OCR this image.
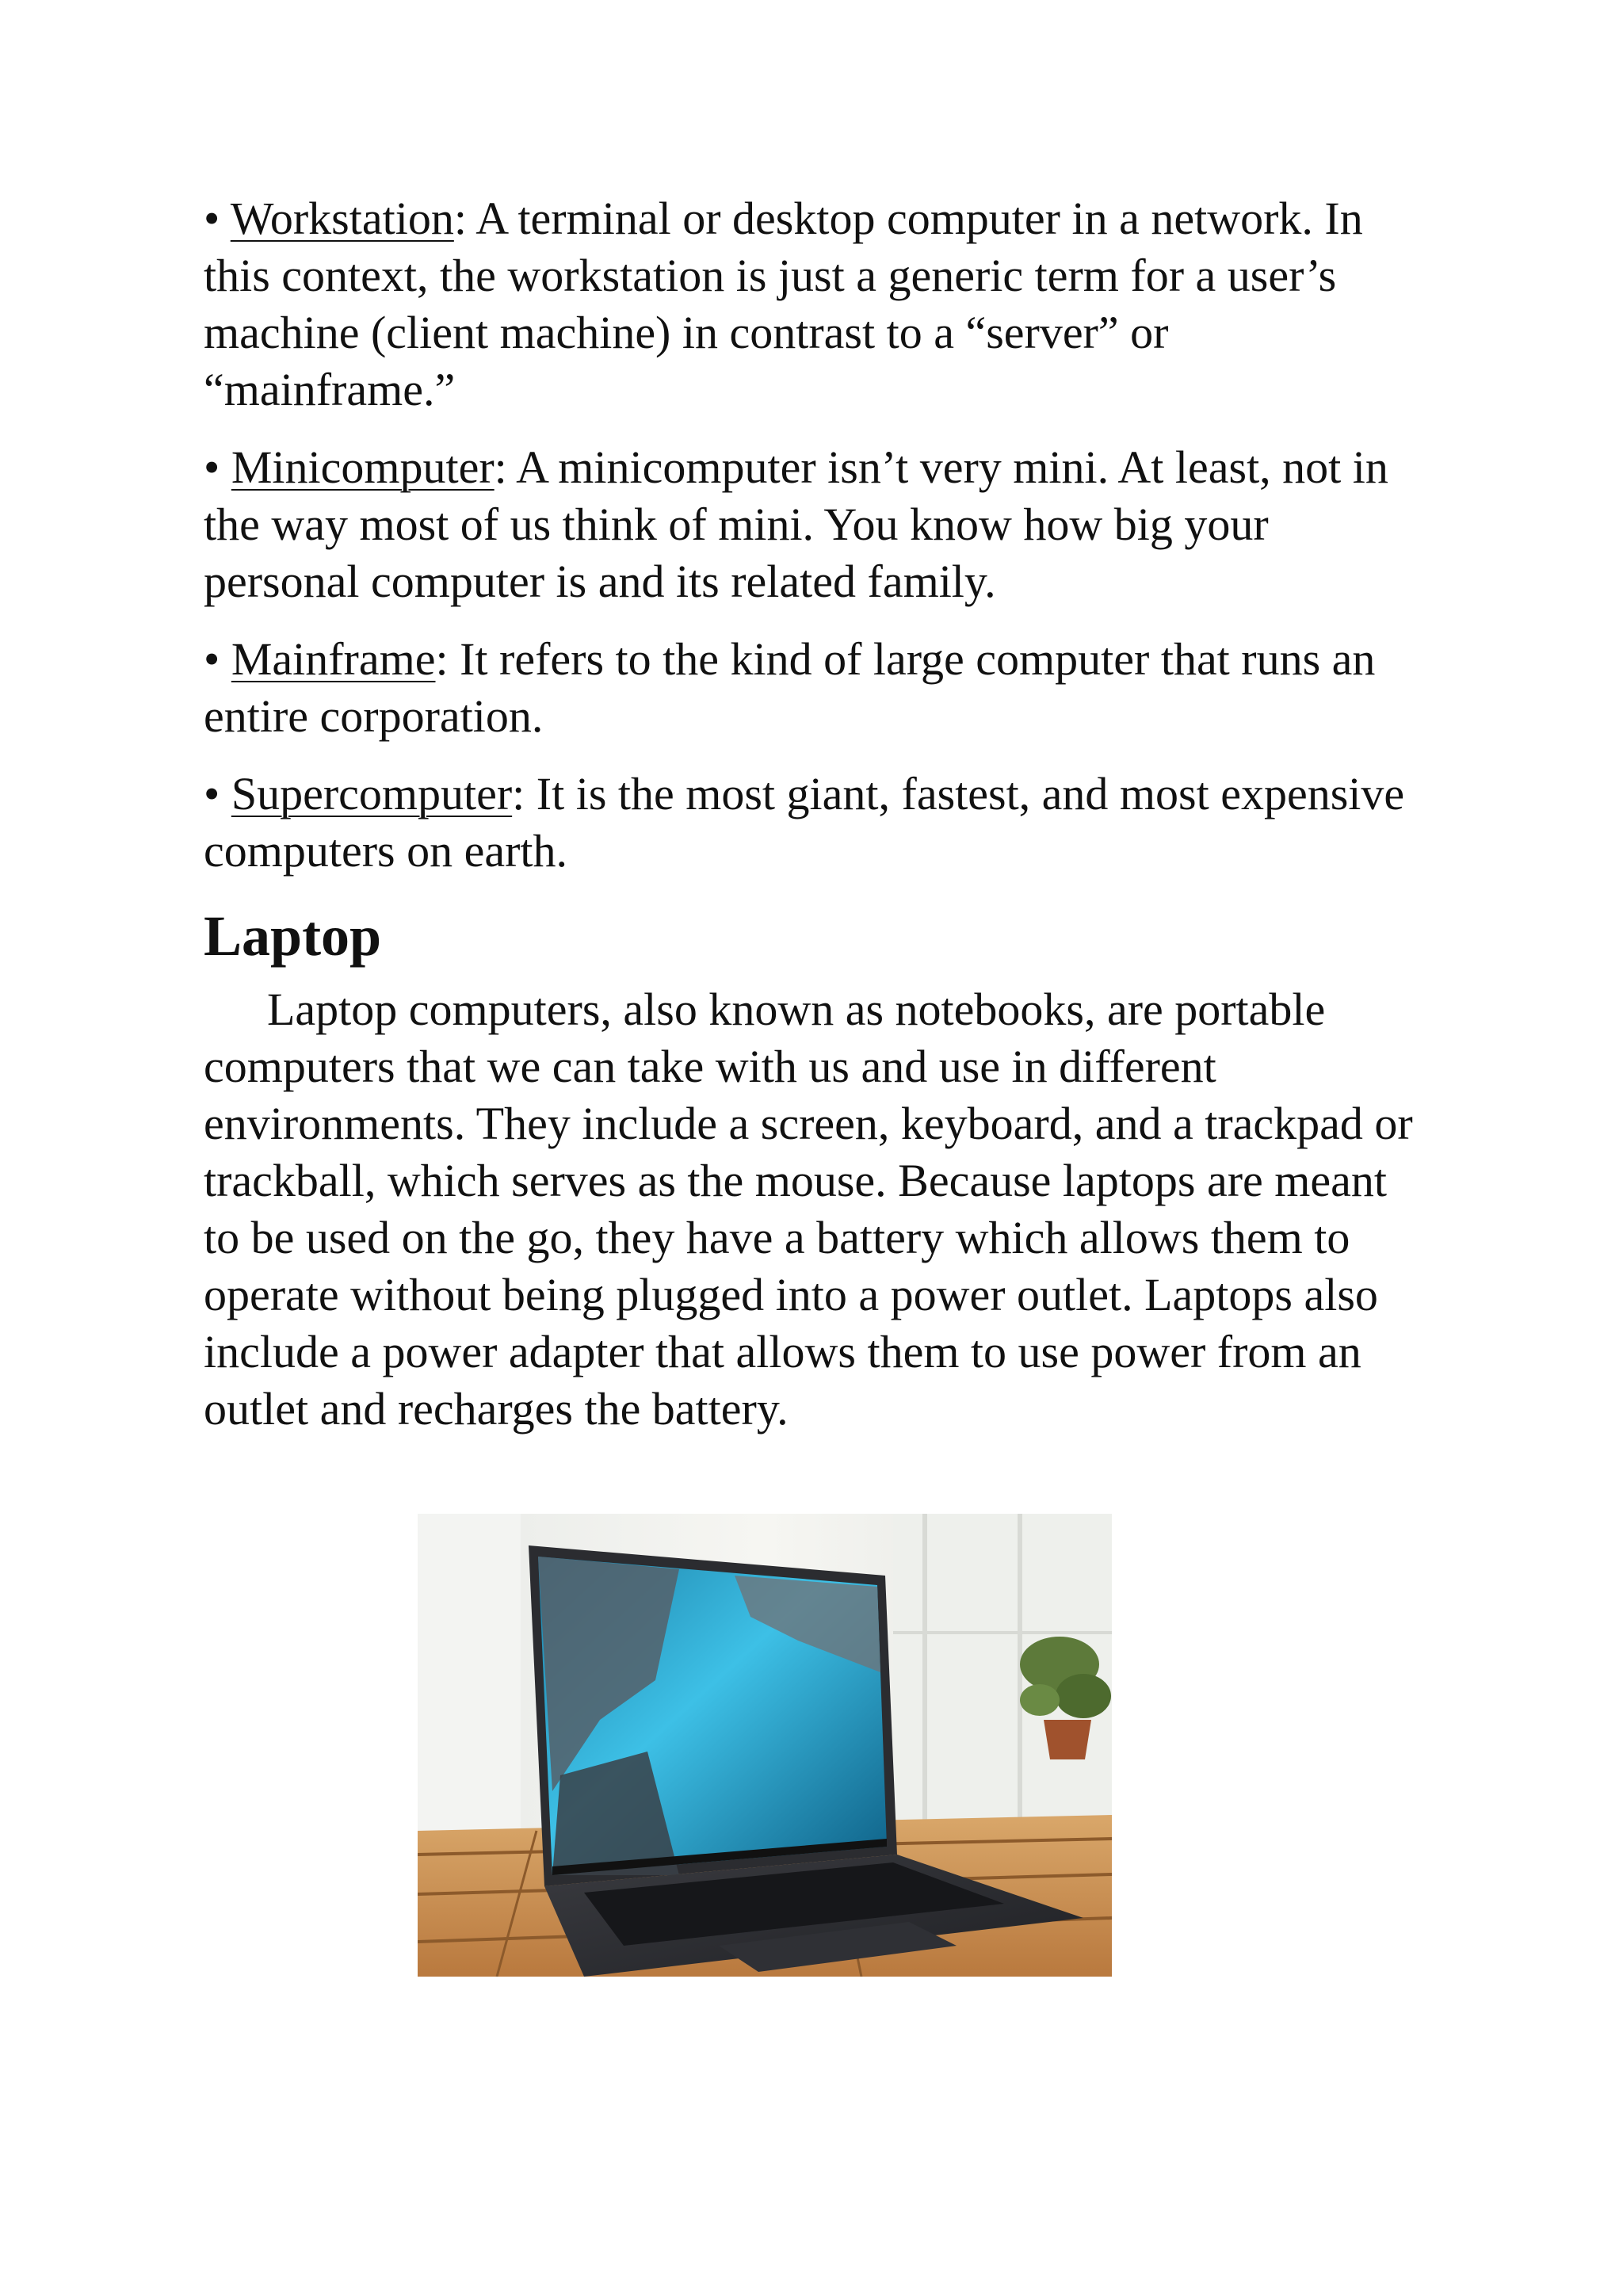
• Workstation: A terminal or desktop computer in a network. In this context, the workstation is just a generic term for a user’s machine (client machine) in contrast to a “server” or “mainframe.”

• Minicomputer: A minicomputer isn’t very mini. At least, not in the way most of us think of mini. You know how big your personal computer is and its related family.

• Mainframe: It refers to the kind of large computer that runs an entire corporation.

• Supercomputer: It is the most giant, fastest, and most expensive computers on earth.

Laptop

Laptop computers, also known as notebooks, are portable computers that we can take with us and use in different environments. They include a screen, keyboard, and a trackpad or trackball, which serves as the mouse. Because laptops are meant to be used on the go, they have a battery which allows them to operate without being plugged into a power outlet. Laptops also include a power adapter that allows them to use power from an outlet and recharges the battery.
